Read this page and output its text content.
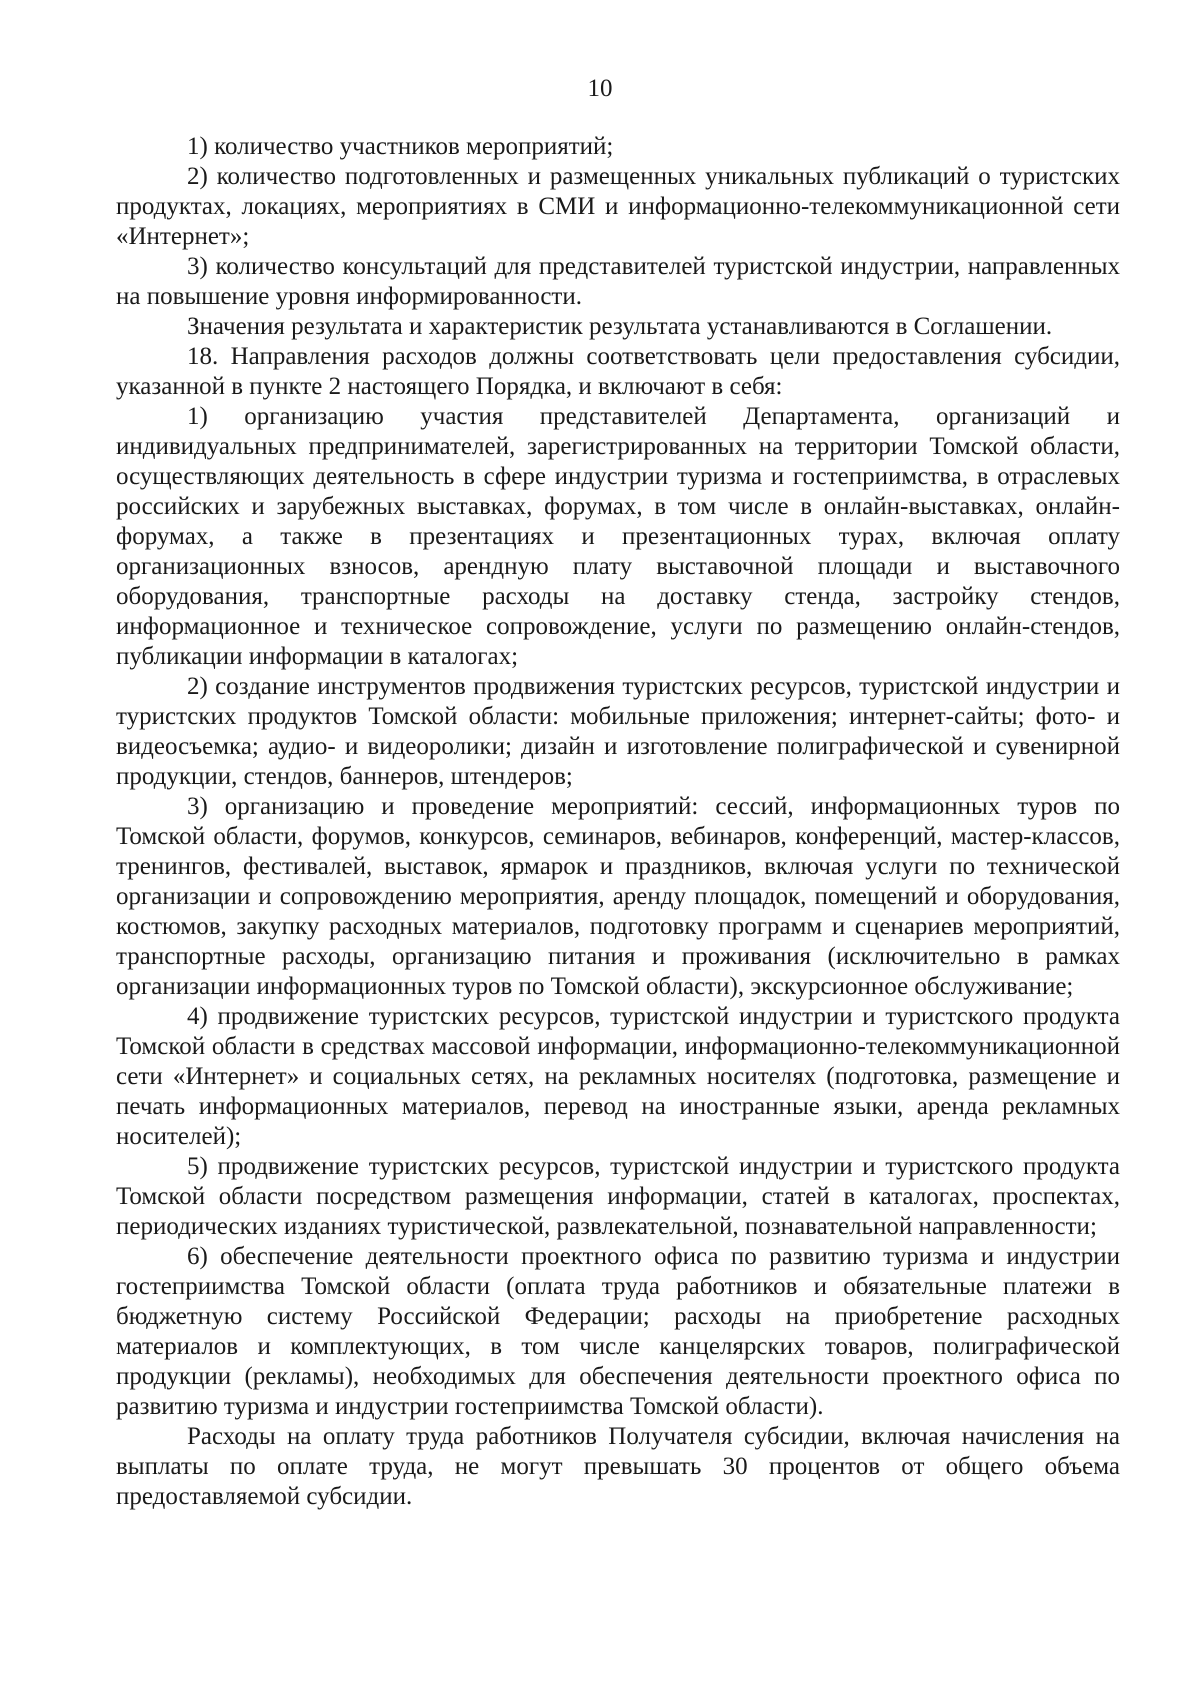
10

1) количество участников мероприятий;

2) количество подготовленных и размещенных уникальных публикаций о туристских продуктах, локациях, мероприятиях в СМИ и информационно-телекоммуникационной сети «Интернет»;

3) количество консультаций для представителей туристской индустрии, направленных на повышение уровня информированности.

Значения результата и характеристик результата устанавливаются в Соглашении.

18. Направления расходов должны соответствовать цели предоставления субсидии, указанной в пункте 2 настоящего Порядка, и включают в себя:

1) организацию участия представителей Департамента, организаций и индивидуальных предпринимателей, зарегистрированных на территории Томской области, осуществляющих деятельность в сфере индустрии туризма и гостеприимства, в отраслевых российских и зарубежных выставках, форумах, в том числе в онлайн-выставках, онлайн-форумах, а также в презентациях и презентационных турах, включая оплату организационных взносов, арендную плату выставочной площади и выставочного оборудования, транспортные расходы на доставку стенда, застройку стендов, информационное и техническое сопровождение, услуги по размещению онлайн-стендов, публикации информации в каталогах;

2) создание инструментов продвижения туристских ресурсов, туристской индустрии и туристских продуктов Томской области: мобильные приложения; интернет-сайты; фото- и видеосъемка; аудио- и видеоролики; дизайн и изготовление полиграфической и сувенирной продукции, стендов, баннеров, штендеров;

3) организацию и проведение мероприятий: сессий, информационных туров по Томской области, форумов, конкурсов, семинаров, вебинаров, конференций, мастер-классов, тренингов, фестивалей, выставок, ярмарок и праздников, включая услуги по технической организации и сопровождению мероприятия, аренду площадок, помещений и оборудования, костюмов, закупку расходных материалов, подготовку программ и сценариев мероприятий, транспортные расходы, организацию питания и проживания (исключительно в рамках организации информационных туров по Томской области), экскурсионное обслуживание;

4) продвижение туристских ресурсов, туристской индустрии и туристского продукта Томской области в средствах массовой информации, информационно-телекоммуникационной сети «Интернет» и социальных сетях, на рекламных носителях (подготовка, размещение и печать информационных материалов, перевод на иностранные языки, аренда рекламных носителей);

5) продвижение туристских ресурсов, туристской индустрии и туристского продукта Томской области посредством размещения информации, статей в каталогах, проспектах, периодических изданиях туристической, развлекательной, познавательной направленности;

6) обеспечение деятельности проектного офиса по развитию туризма и индустрии гостеприимства Томской области (оплата труда работников и обязательные платежи в бюджетную систему Российской Федерации; расходы на приобретение расходных материалов и комплектующих, в том числе канцелярских товаров, полиграфической продукции (рекламы), необходимых для обеспечения деятельности проектного офиса по развитию туризма и индустрии гостеприимства Томской области).

Расходы на оплату труда работников Получателя субсидии, включая начисления на выплаты по оплате труда, не могут превышать 30 процентов от общего объема предоставляемой субсидии.
